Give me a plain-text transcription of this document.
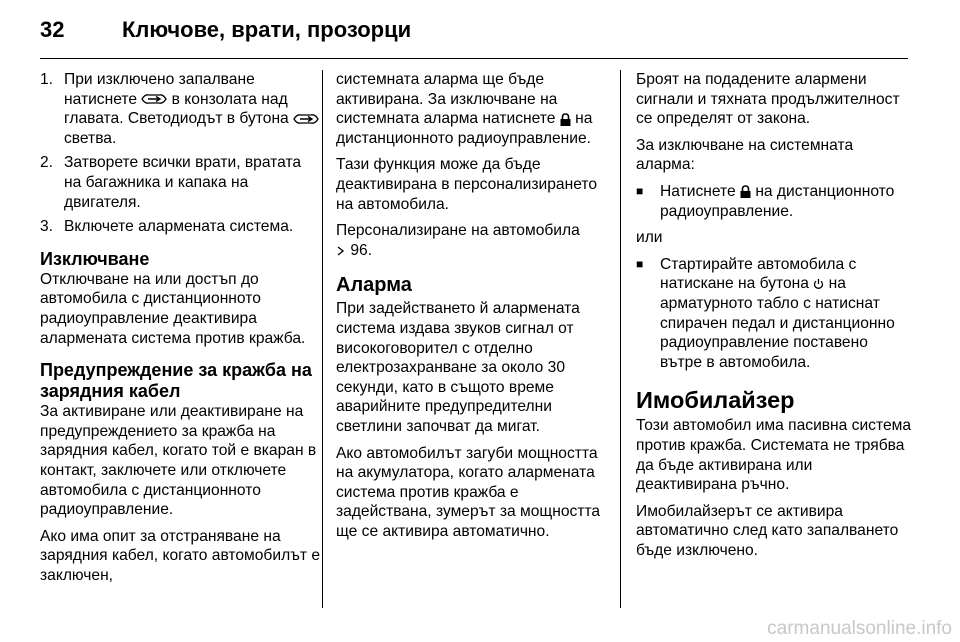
32	Ключове, врати, прозорци
1. При изключено запалване натиснете  в конзолата над главата. Светодиодът в бутона  светва.
2. Затворете всички врати, вратата на багажника и капака на двигателя.
3. Включете алармената система.
Изключване

Отключване на или достъп до автомобила с дистанционното радиоуправление деактивира алармената система против кражба.

Предупреждение за кражба на зарядния кабел

За активиране или деактивиране на предупреждението за кражба на зарядния кабел, когато той е вкаран в контакт, заключете или отключете автомобила с дистанционното радиоуправление.

Ако има опит за отстраняване на зарядния кабел, когато автомобилът е заключен,

системната аларма ще бъде активирана. За изключване на системната аларма натиснете  на дистанционното радиоуправление.

Тази функция може да бъде деактивирана в персонализирането на автомобила.

Персонализиране на автомобила
96.

Аларма

При задействането й алармената система издава звуков сигнал от високоговорител с отделно електрозахранване за около 30 секунди, като в същото време аварийните предупредителни светлини започват да мигат.

Ако автомобилът загуби мощността на акумулатора, когато алармената система против кражба е задействана, зумерът за мощността ще се активира автоматично.

Броят на подадените алармени сигнали и тяхната продължителност се определят от закона.

За изключване на системната аларма:

■	Натиснете  на дистанционното радиоуправление.

или

■	Стартирайте автомобила с натискане на бутона  на арматурното табло с натиснат спирачен педал и дистанционно радиоуправление поставено вътре в автомобила.
Имобилайзер

Този автомобил има пасивна система против кражба. Системата не трябва да бъде активирана или деактивирана ръчно.

Имобилайзерът се активира автоматично след като запалването бъде изключено.

carmanualsonline.info
